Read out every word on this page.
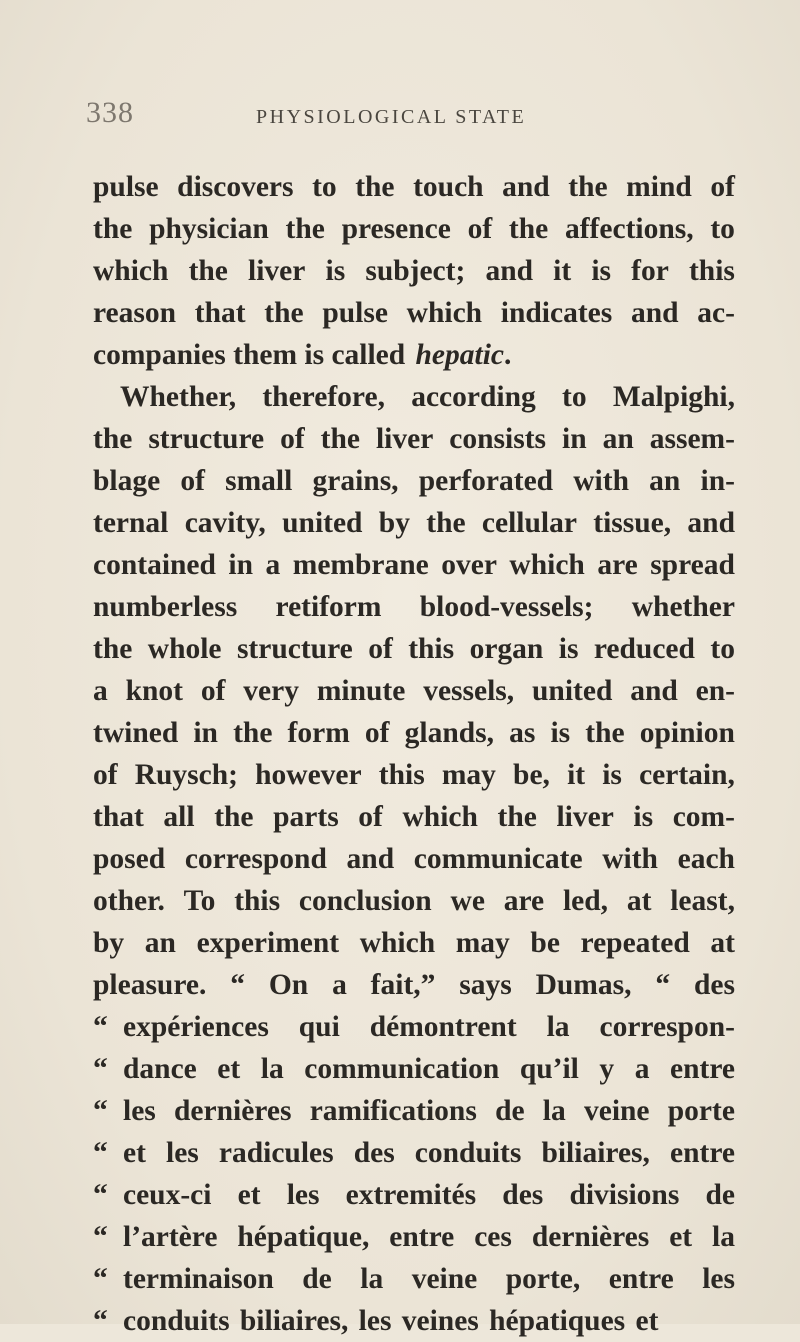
338	PHYSIOLOGICAL STATE
pulse discovers to the touch and the mind of
the physician the presence of the affections, to
which the liver is subject; and it is for this
reason that the pulse which indicates and ac-
companies them is called hepatic .
Whether, therefore, according to Malpighi,
the structure of the liver consists in an assem-
blage of small grains, perforated with an in-
ternal cavity, united by the cellular tissue, and
contained in a membrane over which are spread
numberless retiform blood-vessels; whether
the whole structure of this organ is reduced to
a knot of very minute vessels, united and en-
twined in the form of glands, as is the opinion
of Ruysch; however this may be, it is certain,
that all the parts of which the liver is com-
posed correspond and communicate with each
other. To this conclusion we are led, at least,
by an experiment which may be repeated at
pleasure. “ On a fait,” says Dumas, “ des
“ expériences qui démontrent la correspon-
“ dance et la communication qu’il y a entre
“ les dernières ramifications de la veine porte
“ et les radicules des conduits biliaires, entre
“ ceux-ci et les extremités des divisions de
“ l’artère hépatique, entre ces dernières et la
“ terminaison de la veine porte, entre les
“ conduits biliaires, les veines hépatiques et
